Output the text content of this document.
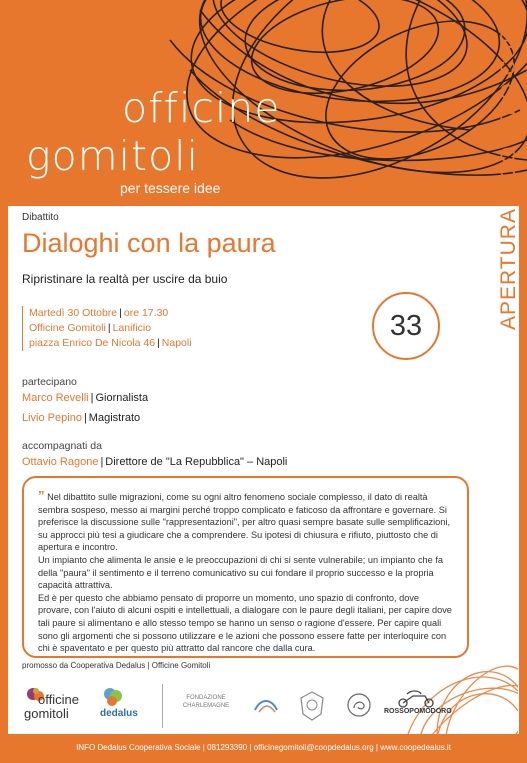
officine
gomitoli
per tessere idee
Dibattito
Dialoghi con la paura
Ripristinare la realtà per uscire da buio
Martedì 30 Ottobre | ore 17.30
Officine Gomitoli | Lanificio
piazza Enrico De Nicola 46 | Napoli
33
partecipano
Marco Revelli | Giornalista
Livio Pepino | Magistrato
accompagnati da
Ottavio Ragone | Direttore de "La Repubblica" – Napoli
” Nel dibattito sulle migrazioni, come su ogni altro fenomeno sociale complesso, il dato di realtà sembra sospeso, messo ai margini perché troppo complicato e faticoso da affrontare e governare. Si preferisce la discussione sulle "rappresentazioni", per altro quasi sempre basate sulle semplificazioni, su approcci più tesi a giudicare che a comprendere. Su ipotesi di chiusura e rifiuto, piuttosto che di apertura e incontro.
Un impianto che alimenta le ansie e le preoccupazioni di chi si sente vulnerabile; un impianto che fa della "paura" il sentimento e il terreno comunicativo su cui fondare il proprio successo e la propria capacità attrattiva.
Ed è per questo che abbiamo pensato di proporre un momento, uno spazio di confronto, dove provare, con l'aiuto di alcuni ospiti e intellettuali, a dialogare con le paure degli italiani, per capire dove tali paure si alimentano e allo stesso tempo se hanno un senso o ragione d'essere. Per capire quali sono gli argomenti che si possono utilizzare e le azioni che possono essere fatte per interloquire con chi è spaventato e per questo più attratto dal rancore che dalla cura.
promosso da Cooperativa Dedalus | Officine Gomitoli
officine
gomitoli	dedalus
FONDAZIONE
CHARLEMAGNE
ROSSOPOMODORO
APERTURA INCONTRO CURA
INFO Dedalus Cooperativa Sociale | 081293390 | officinegomitoli@coopdedalus.org | www.coopedealus.it
